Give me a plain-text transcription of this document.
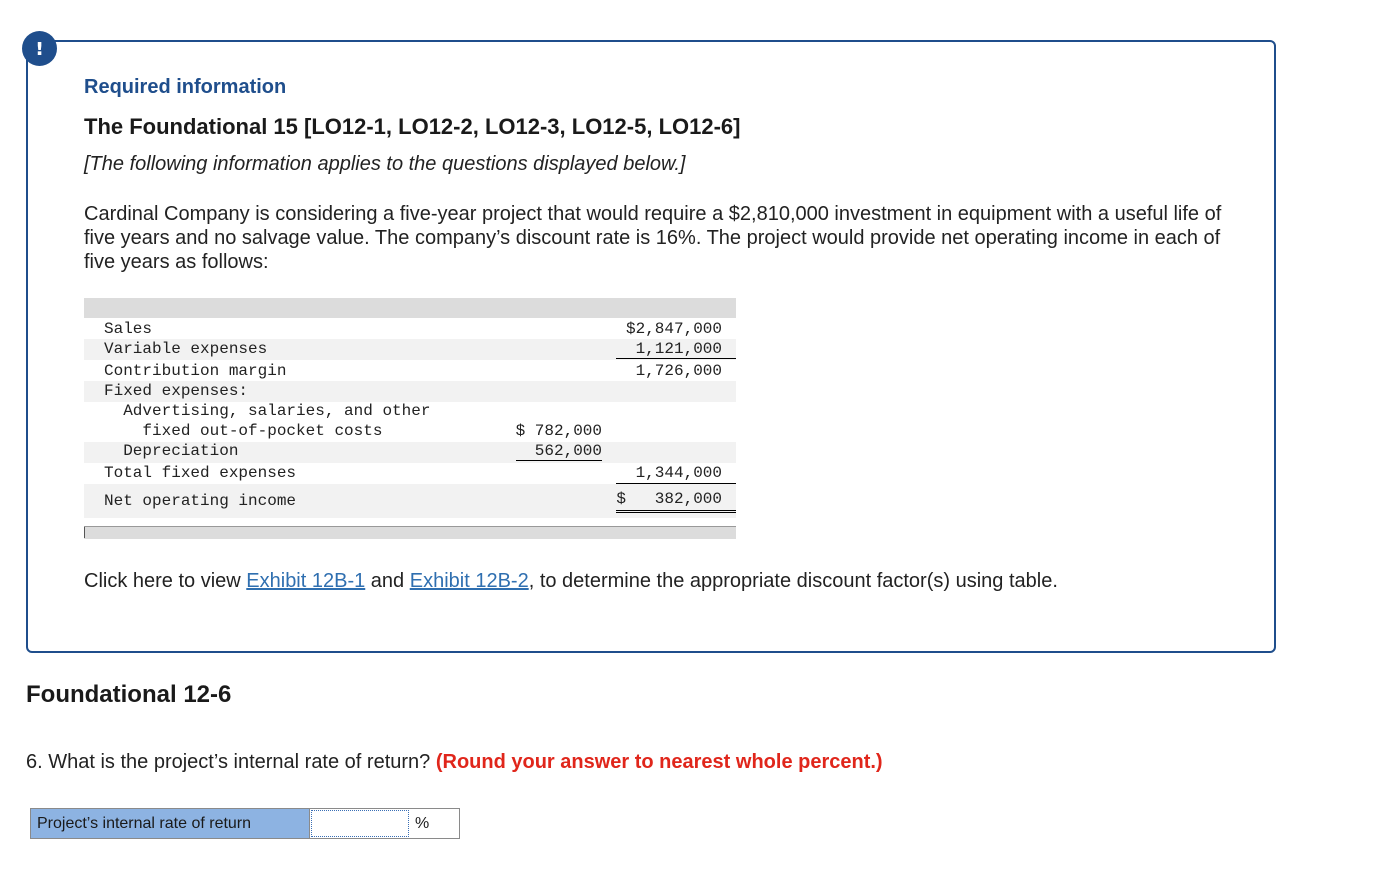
!
Required information
The Foundational 15 [LO12-1, LO12-2, LO12-3, LO12-5, LO12-6]
[The following information applies to the questions displayed below.]
Cardinal Company is considering a five-year project that would require a $2,810,000 investment in equipment with a useful life of five years and no salvage value. The company’s discount rate is 16%. The project would provide net operating income in each of five years as follows:
Sales	$2,847,000
Variable expenses	1,121,000
Contribution margin	1,726,000
Fixed expenses:
Advertising, salaries, and other
fixed out-of-pocket costs	$ 782,000
Depreciation	562,000
Total fixed expenses	1,344,000
Net operating income	$   382,000
Click here to view Exhibit 12B-1 and Exhibit 12B-2, to determine the appropriate discount factor(s) using table.
Foundational 12-6
6. What is the project’s internal rate of return? (Round your answer to nearest whole percent.)
Project’s internal rate of return	%
